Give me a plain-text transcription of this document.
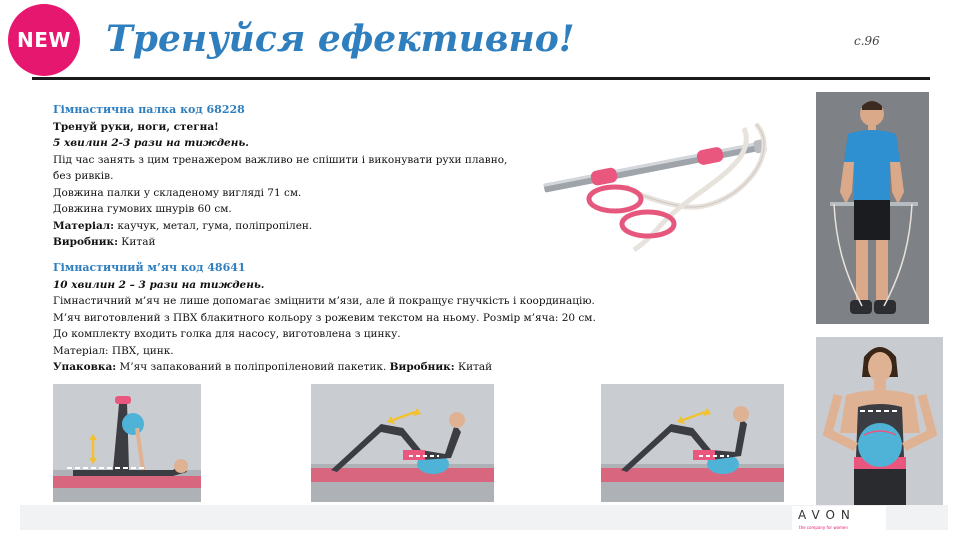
NEW Тренуйся ефективно!	с.96
Гімнастична палка код 68228
Тренуй руки, ноги, стегна!
5 хвилин 2-3 рази на тиждень.
Під час занять з цим тренажером важливо не спішити і виконувати рухи плавно,
без ривків.
Довжина палки у складеному вигляді 71 см.
Довжина гумових шнурів 60 см.
Матеріал: каучук, метал, гума, поліпропілен.
Виробник: Китай
Гімнастичний м’яч код 48641
10 хвилин 2 – 3 рази на тиждень.
Гімнастичний м’яч не лише допомагає зміцнити м’язи, але й покращує гнучкість і координацію.
М’яч виготовлений з ПВХ блакитного кольору з рожевим текстом на ньому. Розмір м’яча: 20 см.
До комплекту входить голка для насосу, виготовлена з цинку.
Матеріал: ПВХ, цинк.
Упаковка: М’яч запакований в поліпропіленовий пакетик. Виробник: Китай
AVON
the company for women
